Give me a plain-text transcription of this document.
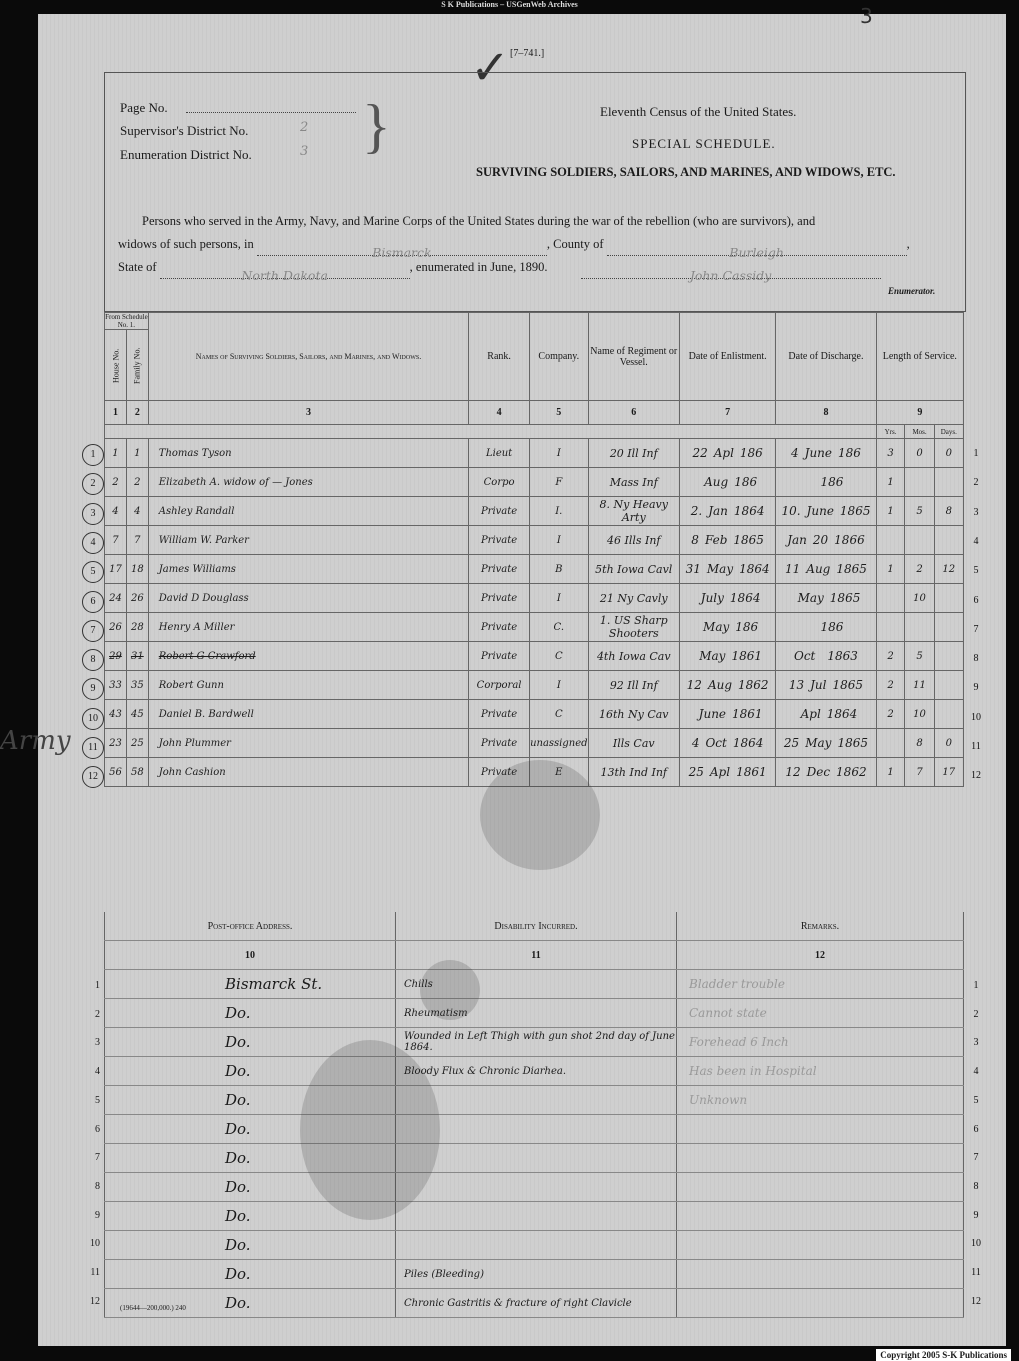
S K Publications – USGenWeb Archives
[7–741.]
3
✓
Page No.
Supervisor's District No.	2
Enumeration District No.	3 }	Eleventh Census of the United States.
SPECIAL SCHEDULE.
SURVIVING SOLDIERS, SAILORS, AND MARINES, AND WIDOWS, ETC.
Persons who served in the Army, Navy, and Marine Corps of the United States during the war of the rebellion (who are survivors), and
widows of such persons, in Bismarck, County of Burleigh,
State of North Dakota, enumerated in June, 1890. John Cassidy
Enumerator.
From Schedule No. 1.		Names of Surviving Soldiers, Sailors, and Marines, and Widows.	Rank.	Company.	Name of Regiment or Vessel.	Date of Enlistment.	Date of Discharge.	Length of Service.		
House No.	Family No.									
1	2	3	4	5	6	7	8	9		
								Yrs.	Mos.	Days.
1	1	Thomas Tyson	Lieut	I	20 Ill Inf	22 Apl 186	4 June 186	3	0	0
2	2	Elizabeth A. widow of — Jones	Corpo	F	Mass Inf	Aug 186	186	1		
4	4	Ashley Randall	Private	I.	8. Ny Heavy Arty	2. Jan 1864	10. June 1865	1	5	8
7	7	William W. Parker	Private	I	46 Ills Inf	8 Feb 1865	Jan 20 1866			
17	18	James Williams	Private	B	5th Iowa Cavl	31 May 1864	11 Aug 1865	1	2	12
24	26	David D Douglass	Private	I	21 Ny Cavly	July 1864	May 1865		10	
26	28	Henry A Miller	Private	C.	1. US Sharp Shooters	May 186	186			
29	31	Robert G Crawford	Private	C	4th Iowa Cav	May 1861	Oct 1863	2	5	
33	35	Robert Gunn	Corporal	I	92 Ill Inf	12 Aug 1862	13 Jul 1865	2	11	
43	45	Daniel B. Bardwell	Private	C	16th Ny Cav	June 1861	Apl 1864	2	10	
23	25	John Plummer	Private	unassigned	Ills Cav	4 Oct 1864	25 May 1865		8	0
56	58	John Cashion	Private	E	13th Ind Inf	25 Apl 1861	12 Dec 1862	1	7	17
1	1
2	2
3	3
4	4
5	5
6	6
7	7
8	8
9	9
10	10
11	11
12	12
Army
Post-office Address.	Disability Incurred.	Remarks.
10	11	12
Bismarck St.	Chills	Bladder trouble
Do.	Rheumatism	Cannot state
Do.	Wounded in Left Thigh with gun shot 2nd day of June 1864.	Forehead 6 Inch
Do.	Bloody Flux & Chronic Diarhea.	Has been in Hospital
Do.		Unknown
Do.		
Do.		
Do.		
Do.		
Do.		
Do.	Piles (Bleeding)	
Do.	Chronic Gastritis & fracture of right Clavicle	
1	1
2	2
3	3
4	4
5	5
6	6
7	7
8	8
9	9
10	10
11	11
12	12
(19644—200,000.) 240
Copyright 2005 S-K Publications
